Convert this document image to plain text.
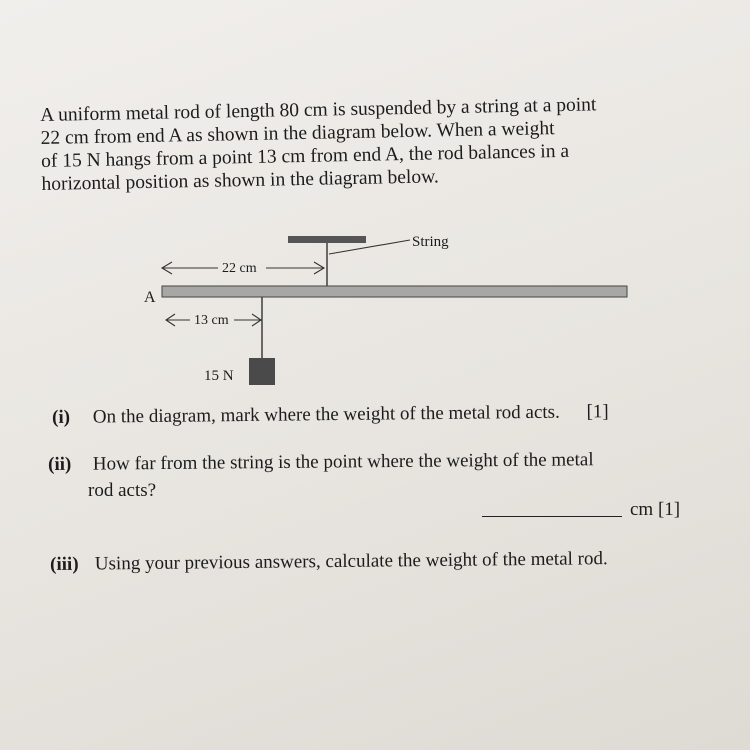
A uniform metal rod of length 80 cm is suspended by a string at a point
22 cm from end A as shown in the diagram below. When a weight
of 15 N hangs from a point 13 cm from end A, the rod balances in a
horizontal position as shown in the diagram below.
String
22 cm
A
13 cm
15 N
(i) On the diagram, mark where the weight of the metal rod acts. [1]
(ii) How far from the string is the point where the weight of the metal
rod acts?
cm [1]
(iii) Using your previous answers, calculate the weight of the metal rod.
